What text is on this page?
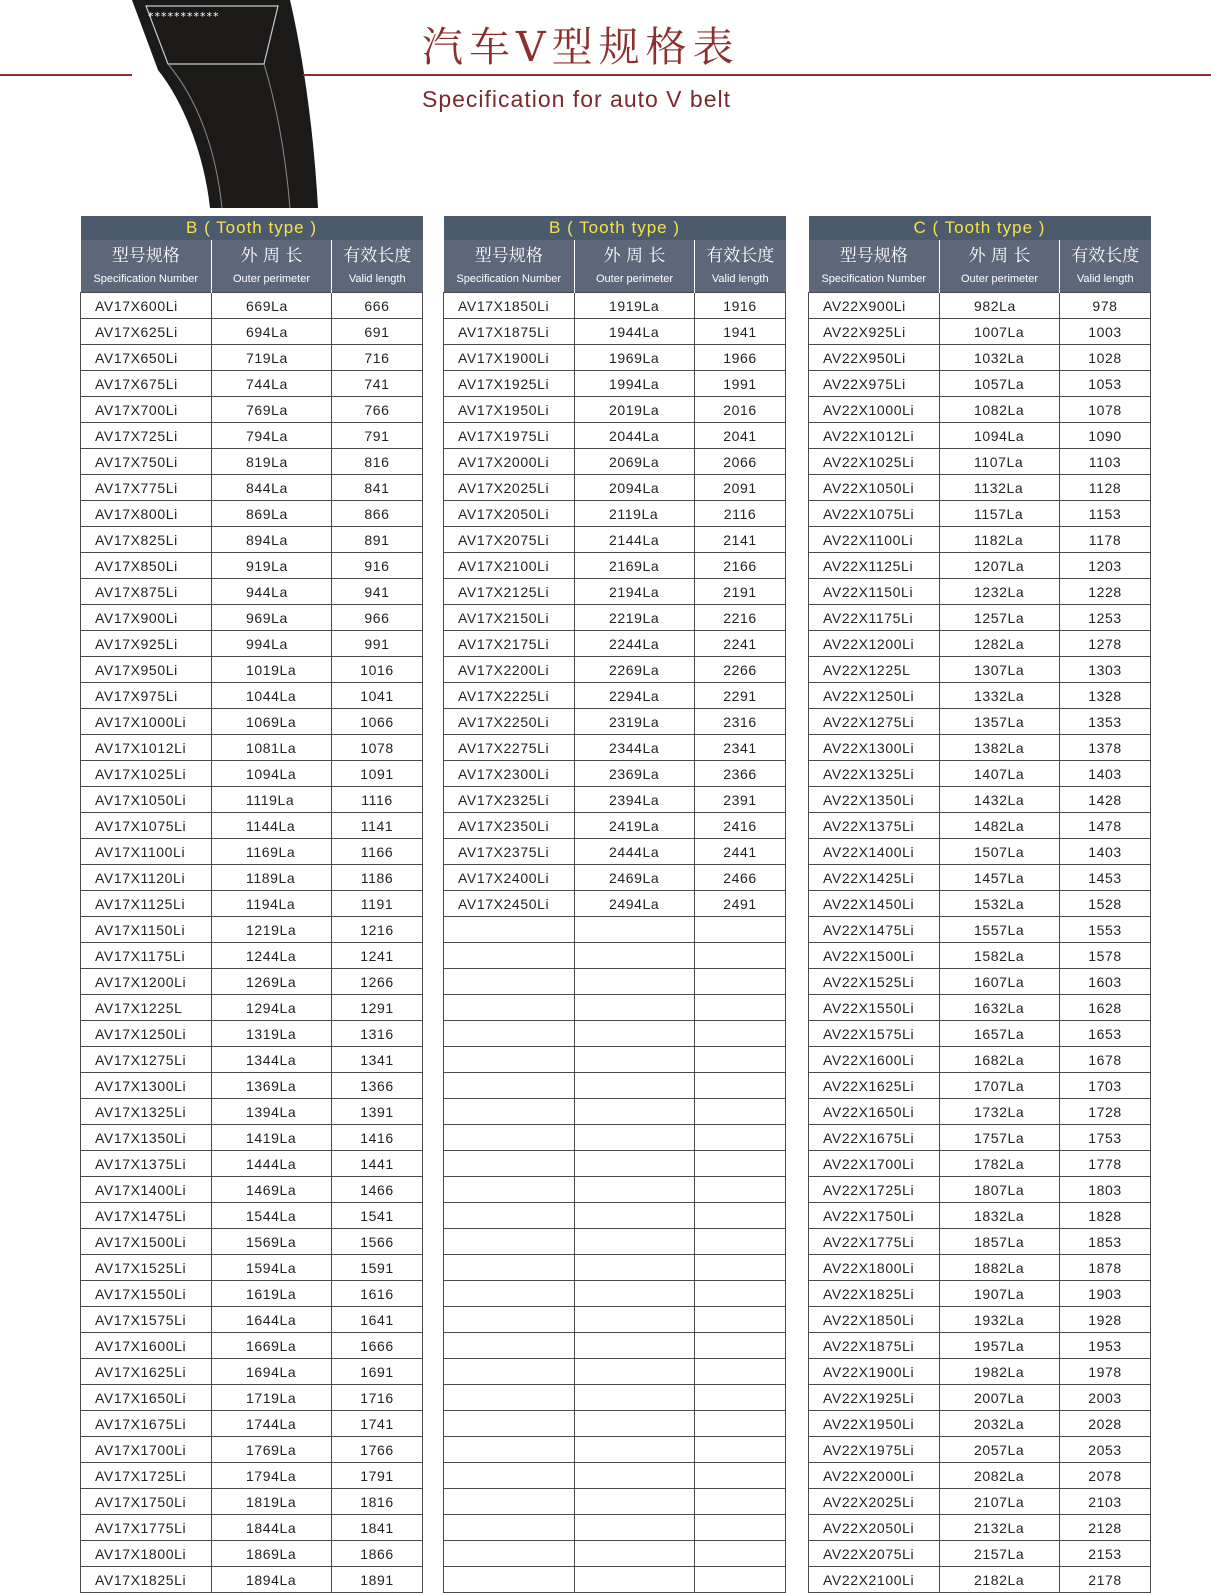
***********
汽车V型规格表
Specification for auto V belt
B ( Tooth type )		
型号规格	外 周 长	有效长度
Specification Number	Outer perimeter	Valid length
AV17X600Li	669La	666
AV17X625Li	694La	691
AV17X650Li	719La	716
AV17X675Li	744La	741
AV17X700Li	769La	766
AV17X725Li	794La	791
AV17X750Li	819La	816
AV17X775Li	844La	841
AV17X800Li	869La	866
AV17X825Li	894La	891
AV17X850Li	919La	916
AV17X875Li	944La	941
AV17X900Li	969La	966
AV17X925Li	994La	991
AV17X950Li	1019La	1016
AV17X975Li	1044La	1041
AV17X1000Li	1069La	1066
AV17X1012Li	1081La	1078
AV17X1025Li	1094La	1091
AV17X1050Li	1119La	1116
AV17X1075Li	1144La	1141
AV17X1100Li	1169La	1166
AV17X1120Li	1189La	1186
AV17X1125Li	1194La	1191
AV17X1150Li	1219La	1216
AV17X1175Li	1244La	1241
AV17X1200Li	1269La	1266
AV17X1225L	1294La	1291
AV17X1250Li	1319La	1316
AV17X1275Li	1344La	1341
AV17X1300Li	1369La	1366
AV17X1325Li	1394La	1391
AV17X1350Li	1419La	1416
AV17X1375Li	1444La	1441
AV17X1400Li	1469La	1466
AV17X1475Li	1544La	1541
AV17X1500Li	1569La	1566
AV17X1525Li	1594La	1591
AV17X1550Li	1619La	1616
AV17X1575Li	1644La	1641
AV17X1600Li	1669La	1666
AV17X1625Li	1694La	1691
AV17X1650Li	1719La	1716
AV17X1675Li	1744La	1741
AV17X1700Li	1769La	1766
AV17X1725Li	1794La	1791
AV17X1750Li	1819La	1816
AV17X1775Li	1844La	1841
AV17X1800Li	1869La	1866
AV17X1825Li	1894La	1891
B ( Tooth type )		
型号规格	外 周 长	有效长度
Specification Number	Outer perimeter	Valid length
AV17X1850Li	1919La	1916
AV17X1875Li	1944La	1941
AV17X1900Li	1969La	1966
AV17X1925Li	1994La	1991
AV17X1950Li	2019La	2016
AV17X1975Li	2044La	2041
AV17X2000Li	2069La	2066
AV17X2025Li	2094La	2091
AV17X2050Li	2119La	2116
AV17X2075Li	2144La	2141
AV17X2100Li	2169La	2166
AV17X2125Li	2194La	2191
AV17X2150Li	2219La	2216
AV17X2175Li	2244La	2241
AV17X2200Li	2269La	2266
AV17X2225Li	2294La	2291
AV17X2250Li	2319La	2316
AV17X2275Li	2344La	2341
AV17X2300Li	2369La	2366
AV17X2325Li	2394La	2391
AV17X2350Li	2419La	2416
AV17X2375Li	2444La	2441
AV17X2400Li	2469La	2466
AV17X2450Li	2494La	2491

C ( Tooth type )		
型号规格	外 周 长	有效长度
Specification Number	Outer perimeter	Valid length
AV22X900Li	982La	978
AV22X925Li	1007La	1003
AV22X950Li	1032La	1028
AV22X975Li	1057La	1053
AV22X1000Li	1082La	1078
AV22X1012Li	1094La	1090
AV22X1025Li	1107La	1103
AV22X1050Li	1132La	1128
AV22X1075Li	1157La	1153
AV22X1100Li	1182La	1178
AV22X1125Li	1207La	1203
AV22X1150Li	1232La	1228
AV22X1175Li	1257La	1253
AV22X1200Li	1282La	1278
AV22X1225L	1307La	1303
AV22X1250Li	1332La	1328
AV22X1275Li	1357La	1353
AV22X1300Li	1382La	1378
AV22X1325Li	1407La	1403
AV22X1350Li	1432La	1428
AV22X1375Li	1482La	1478
AV22X1400Li	1507La	1403
AV22X1425Li	1457La	1453
AV22X1450Li	1532La	1528
AV22X1475Li	1557La	1553
AV22X1500Li	1582La	1578
AV22X1525Li	1607La	1603
AV22X1550Li	1632La	1628
AV22X1575Li	1657La	1653
AV22X1600Li	1682La	1678
AV22X1625Li	1707La	1703
AV22X1650Li	1732La	1728
AV22X1675Li	1757La	1753
AV22X1700Li	1782La	1778
AV22X1725Li	1807La	1803
AV22X1750Li	1832La	1828
AV22X1775Li	1857La	1853
AV22X1800Li	1882La	1878
AV22X1825Li	1907La	1903
AV22X1850Li	1932La	1928
AV22X1875Li	1957La	1953
AV22X1900Li	1982La	1978
AV22X1925Li	2007La	2003
AV22X1950Li	2032La	2028
AV22X1975Li	2057La	2053
AV22X2000Li	2082La	2078
AV22X2025Li	2107La	2103
AV22X2050Li	2132La	2128
AV22X2075Li	2157La	2153
AV22X2100Li	2182La	2178
